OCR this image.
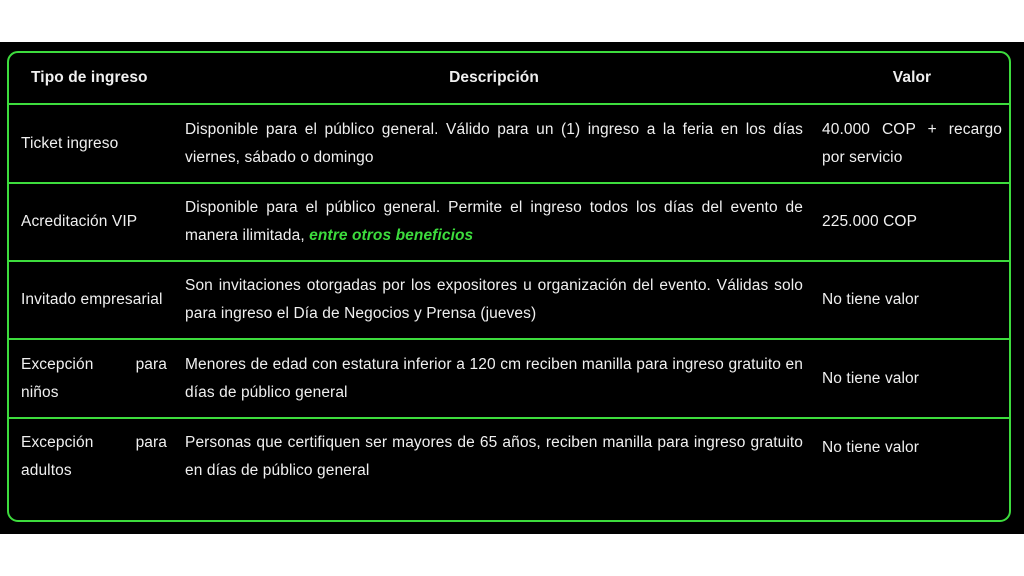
Tipo de ingreso	Descripción	Valor
Ticket ingreso
Disponible para el público general. Válido para un (1) ingreso a la feria en los días viernes, sábado o domingo
40.000 COP + recargo por servicio
Acreditación VIP
Disponible para el público general. Permite el ingreso todos los días del evento de manera ilimitada, entre otros beneficios
225.000 COP
Invitado empresarial
Son invitaciones otorgadas por los expositores u organización del evento. Válidas solo para ingreso el Día de Negocios y Prensa (jueves)
No tiene valor
Excepción para niños
Menores de edad con estatura inferior a 120 cm reciben manilla para ingreso gratuito en días de público general
No tiene valor
Excepción para adultos
Personas que certifiquen ser mayores de 65 años, reciben manilla para ingreso gratuito en días de público general
No tiene valor
